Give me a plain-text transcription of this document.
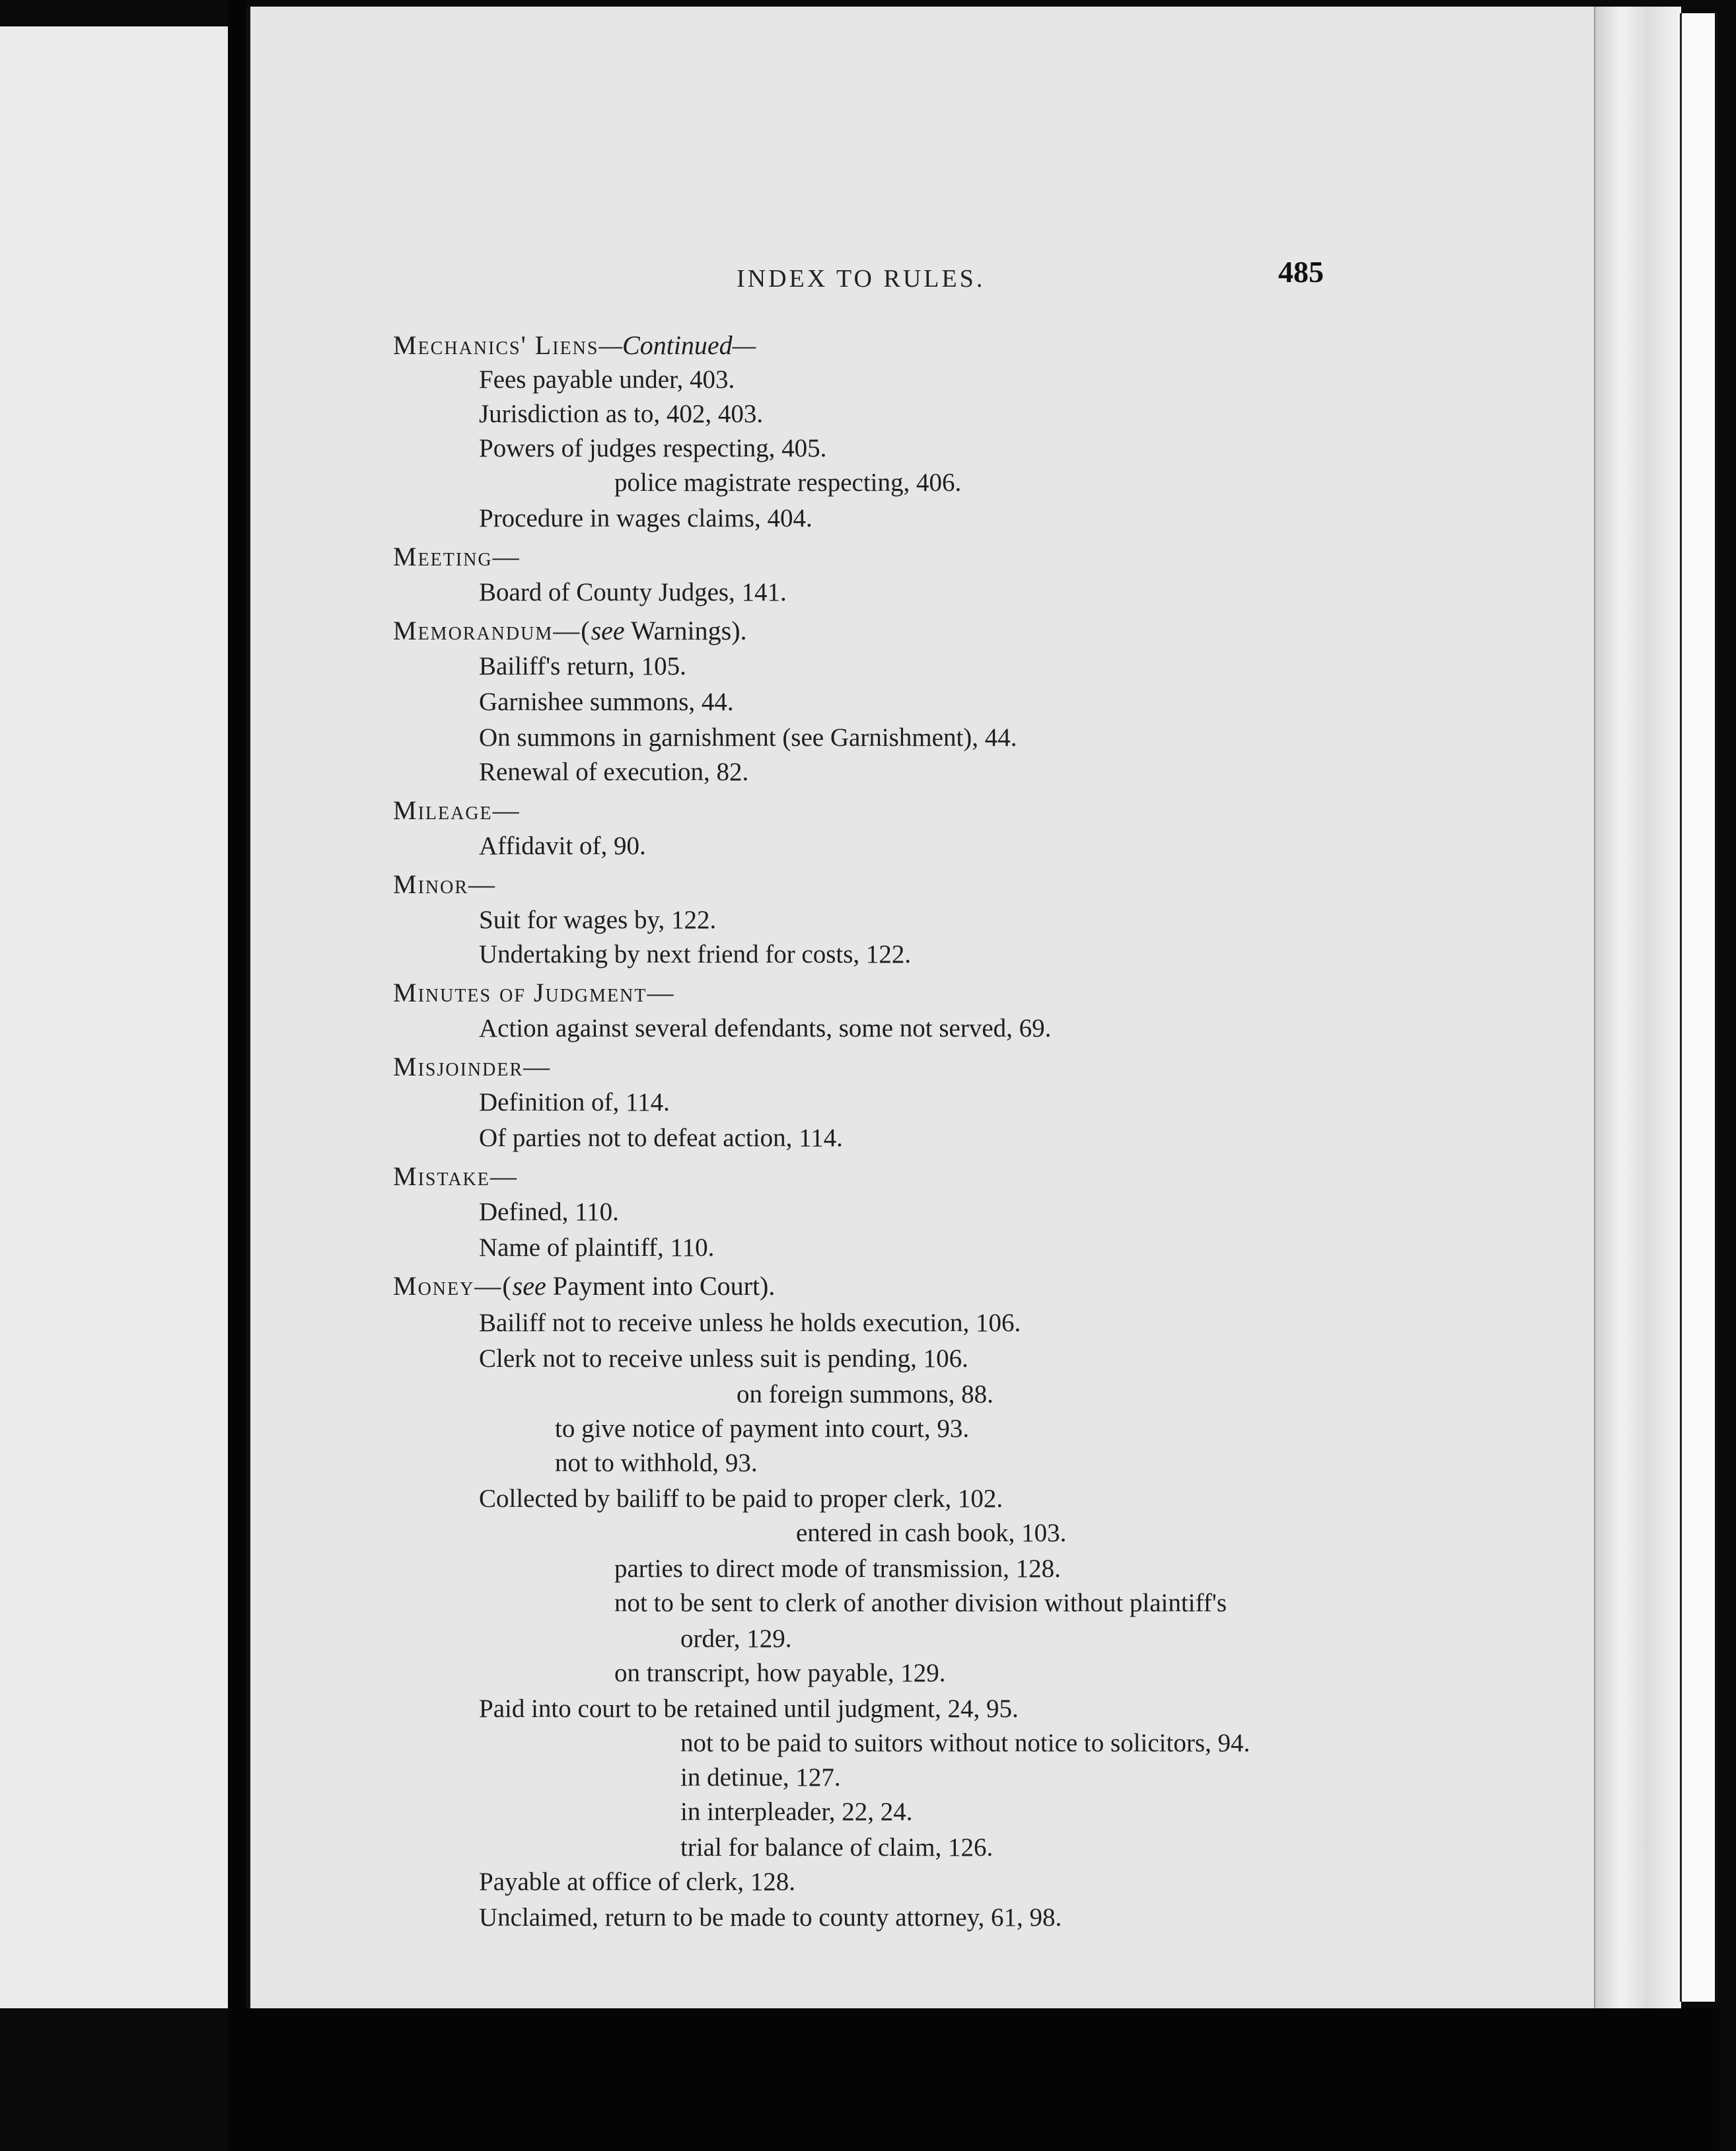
INDEX TO RULES.	485
Mechanics' Liens—Continued—
Fees payable under, 403.
Jurisdiction as to, 402, 403.
Powers of judges respecting, 405.
police magistrate respecting, 406.
Procedure in wages claims, 404.
Meeting—
Board of County Judges, 141.
Memorandum—(see Warnings).
Bailiff's return, 105.
Garnishee summons, 44.
On summons in garnishment (see Garnishment), 44.
Renewal of execution, 82.
Mileage—
Affidavit of, 90.
Minor—
Suit for wages by, 122.
Undertaking by next friend for costs, 122.
Minutes of Judgment—
Action against several defendants, some not served, 69.
Misjoinder—
Definition of, 114.
Of parties not to defeat action, 114.
Mistake—
Defined, 110.
Name of plaintiff, 110.
Money—(see Payment into Court).
Bailiff not to receive unless he holds execution, 106.
Clerk not to receive unless suit is pending, 106.
on foreign summons, 88.
to give notice of payment into court, 93.
not to withhold, 93.
Collected by bailiff to be paid to proper clerk, 102.
entered in cash book, 103.
parties to direct mode of transmission, 128.
not to be sent to clerk of another division without plaintiff's
order, 129.
on transcript, how payable, 129.
Paid into court to be retained until judgment, 24, 95.
not to be paid to suitors without notice to solicitors, 94.
in detinue, 127.
in interpleader, 22, 24.
trial for balance of claim, 126.
Payable at office of clerk, 128.
Unclaimed, return to be made to county attorney, 61, 98.
